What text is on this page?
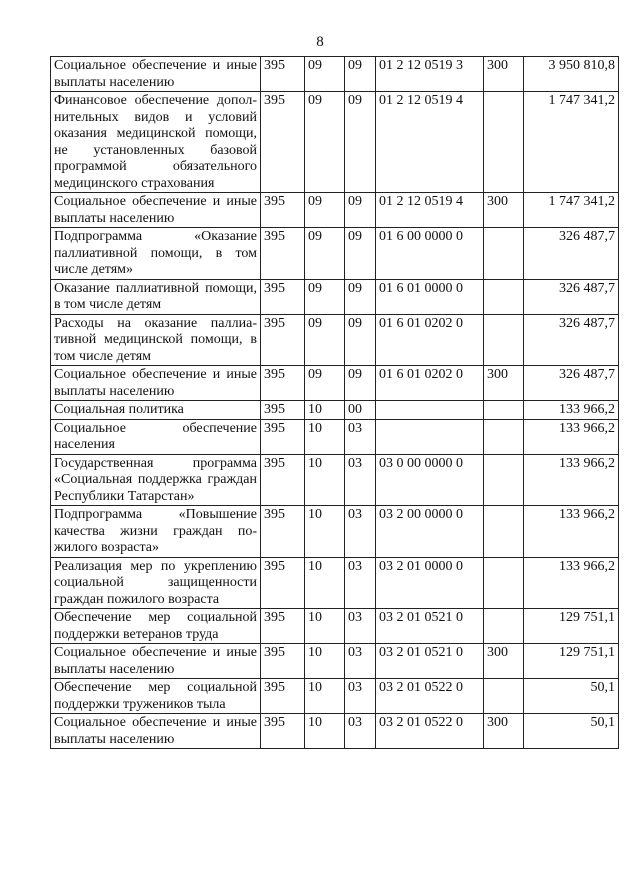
8
Социальное обеспечение и иные выплаты населению	395	09	09	01 2 12 0519 3	300	3 950 810,8
Финансовое обеспечение дополнительных видов и условий оказания медицинской помощи, не установленных базовой программой обязательного медицинского страхования	395	09	09	01 2 12 0519 4		1 747 341,2
Социальное обеспечение и иные выплаты населению	395	09	09	01 2 12 0519 4	300	1 747 341,2
Подпрограмма «Оказание паллиативной помощи, в том числе детям»	395	09	09	01 6 00 0000 0		326 487,7
Оказание паллиативной помощи, в том числе детям	395	09	09	01 6 01 0000 0		326 487,7
Расходы на оказание паллиативной медицинской помощи, в том числе детям	395	09	09	01 6 01 0202 0		326 487,7
Социальное обеспечение и иные выплаты населению	395	09	09	01 6 01 0202 0	300	326 487,7
Социальная политика	395	10	00			133 966,2
Социальное обеспечение населения	395	10	03			133 966,2
Государственная программа «Социальная поддержка граждан Республики Татарстан»	395	10	03	03 0 00 0000 0		133 966,2
Подпрограмма «Повышение качества жизни граждан пожилого возраста»	395	10	03	03 2 00 0000 0		133 966,2
Реализация мер по укреплению социальной защищенности граждан пожилого возраста	395	10	03	03 2 01 0000 0		133 966,2
Обеспечение мер социальной поддержки ветеранов труда	395	10	03	03 2 01 0521 0		129 751,1
Социальное обеспечение и иные выплаты населению	395	10	03	03 2 01 0521 0	300	129 751,1
Обеспечение мер социальной поддержки тружеников тыла	395	10	03	03 2 01 0522 0		50,1
Социальное обеспечение и иные выплаты населению	395	10	03	03 2 01 0522 0	300	50,1
